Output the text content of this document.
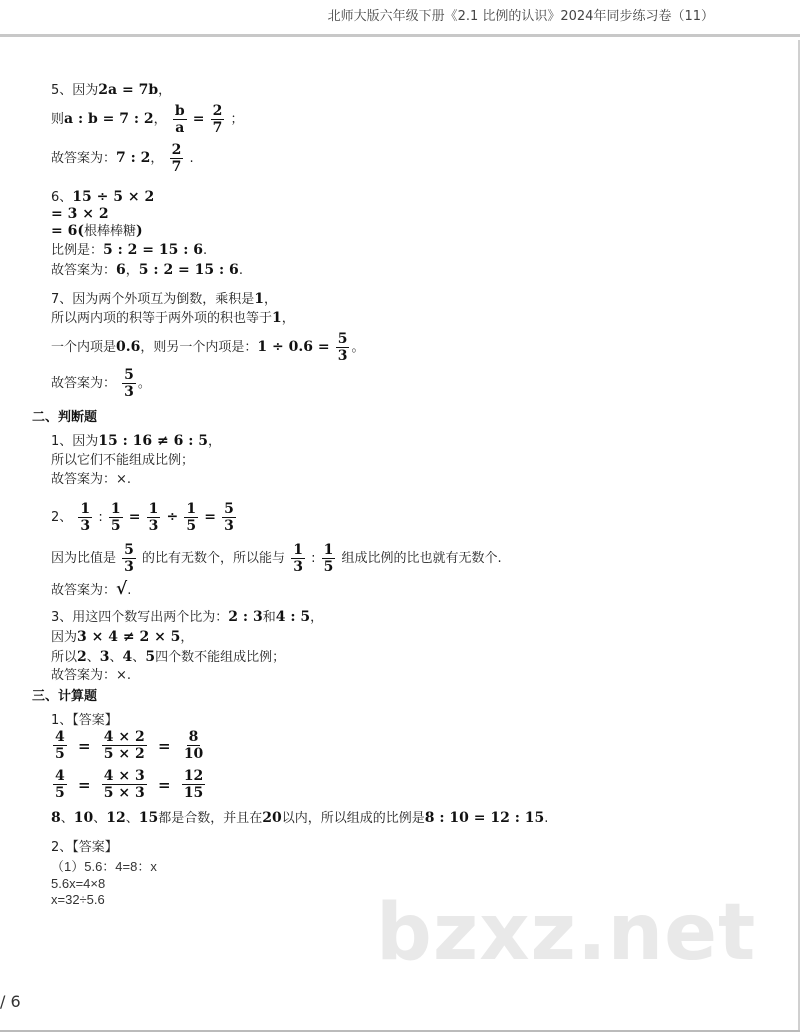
北师大版六年级下册《2.1 比例的认识》2024年同步练习卷（11）
5、因为2a = 7b，
则a : b = 7 : 2， $\frac{b}{a} = \frac{2}{7}$ ；
故答案为：7 : 2， $\frac{2}{7}$ .
6、15 ÷ 5 × 2
= 3 × 2
= 6(根棒棒糖)
比例是：5 : 2 = 15 : 6.
故答案为：6，5 : 2 = 15 : 6.
7、因为两个外项互为倒数，乘积是1，
所以两内项的积等于两外项的积也等于1，
一个内项是0.6，则另一个内项是：$1 \div 0.6 = \frac{5}{3}$ 。
故答案为： $\frac{5}{3}$ 。
二、判断题
1、因为15 : 16 ≠ 6 : 5，
所以它们不能组成比例；
故答案为：×.
2、 $\frac{1}{3}$ : $\frac{1}{5} = \frac{1}{3} \div \frac{1}{5} = \frac{5}{3}$
因为比值是 $\frac{5}{3}$ 的比有无数个，所以能与 $\frac{1}{3}$ : $\frac{1}{5}$ 组成比例的比也就有无数个.
故答案为：√.
3、用这四个数写出两个比为：2 : 3和4 : 5，
因为3 × 4 ≠ 2 × 5，
所以2、3、4、5四个数不能组成比例；
故答案为：×.
三、计算题
1、【答案】
$\frac{4}{5} = \frac{4 \times 2}{5 \times 2} = \frac{8}{10}$
$\frac{4}{5} = \frac{4 \times 3}{5 \times 3} = \frac{12}{15}$
8、10、12、15都是合数，并且在20以内，所以组成的比例是8 : 10 = 12 : 15.
2、【答案】
（1）5.6：4=8：x
5.6x=4×8
x=32÷5.6	bzxz.net
/ 6
